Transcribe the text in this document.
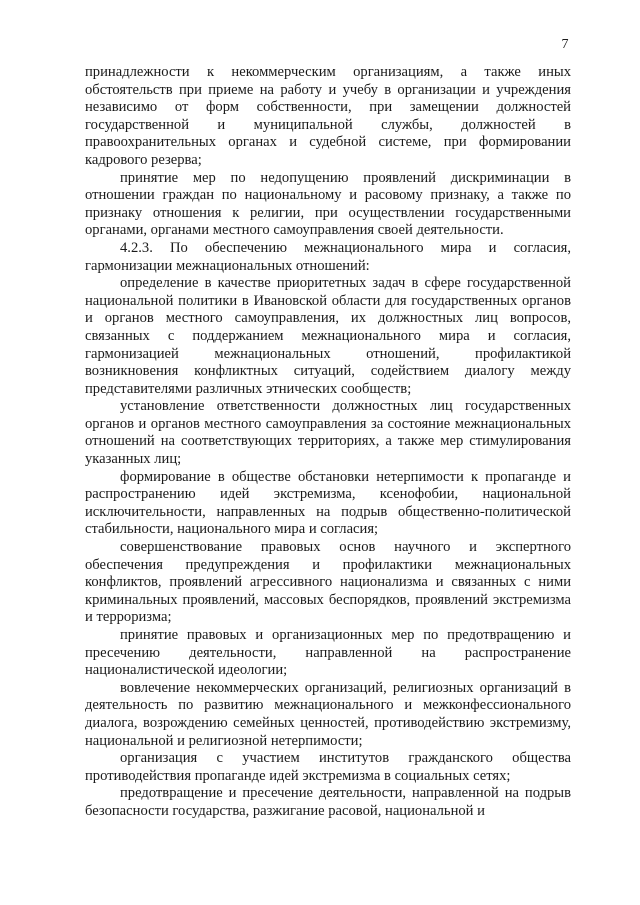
7

принадлежности к некоммерческим организациям, а также иных обстоятельств при приеме на работу и учебу в организации и учреждения независимо от форм собственности, при замещении должностей государственной и муниципальной службы, должностей в правоохранительных органах и судебной системе, при формировании кадрового резерва;

принятие мер по недопущению проявлений дискриминации в отношении граждан по национальному и расовому признаку, а также по признаку отношения к религии, при осуществлении государственными органами, органами местного самоуправления своей деятельности.

4.2.3. По обеспечению межнационального мира и согласия, гармонизации межнациональных отношений:

определение в качестве приоритетных задач в сфере государственной национальной политики в Ивановской области для государственных органов и органов местного самоуправления, их должностных лиц вопросов, связанных с поддержанием межнационального мира и согласия, гармонизацией межнациональных отношений, профилактикой возникновения конфликтных ситуаций, содействием диалогу между представителями различных этнических сообществ;

установление ответственности должностных лиц государственных органов и органов местного самоуправления за состояние межнациональных отношений на соответствующих территориях, а также мер стимулирования указанных лиц;

формирование в обществе обстановки нетерпимости к пропаганде и распространению идей экстремизма, ксенофобии, национальной исключительности, направленных на подрыв общественно-политической стабильности, национального мира и согласия;

совершенствование правовых основ научного и экспертного обеспечения предупреждения и профилактики межнациональных конфликтов, проявлений агрессивного национализма и связанных с ними криминальных проявлений, массовых беспорядков, проявлений экстремизма и терроризма;

принятие правовых и организационных мер по предотвращению и пресечению деятельности, направленной на распространение националистической идеологии;

вовлечение некоммерческих организаций, религиозных организаций в деятельность по развитию межнационального и межконфессионального диалога, возрождению семейных ценностей, противодействию экстремизму, национальной и религиозной нетерпимости;

организация с участием институтов гражданского общества противодействия пропаганде идей экстремизма в социальных сетях;

предотвращение и пресечение деятельности, направленной на подрыв безопасности государства, разжигание расовой, национальной и
